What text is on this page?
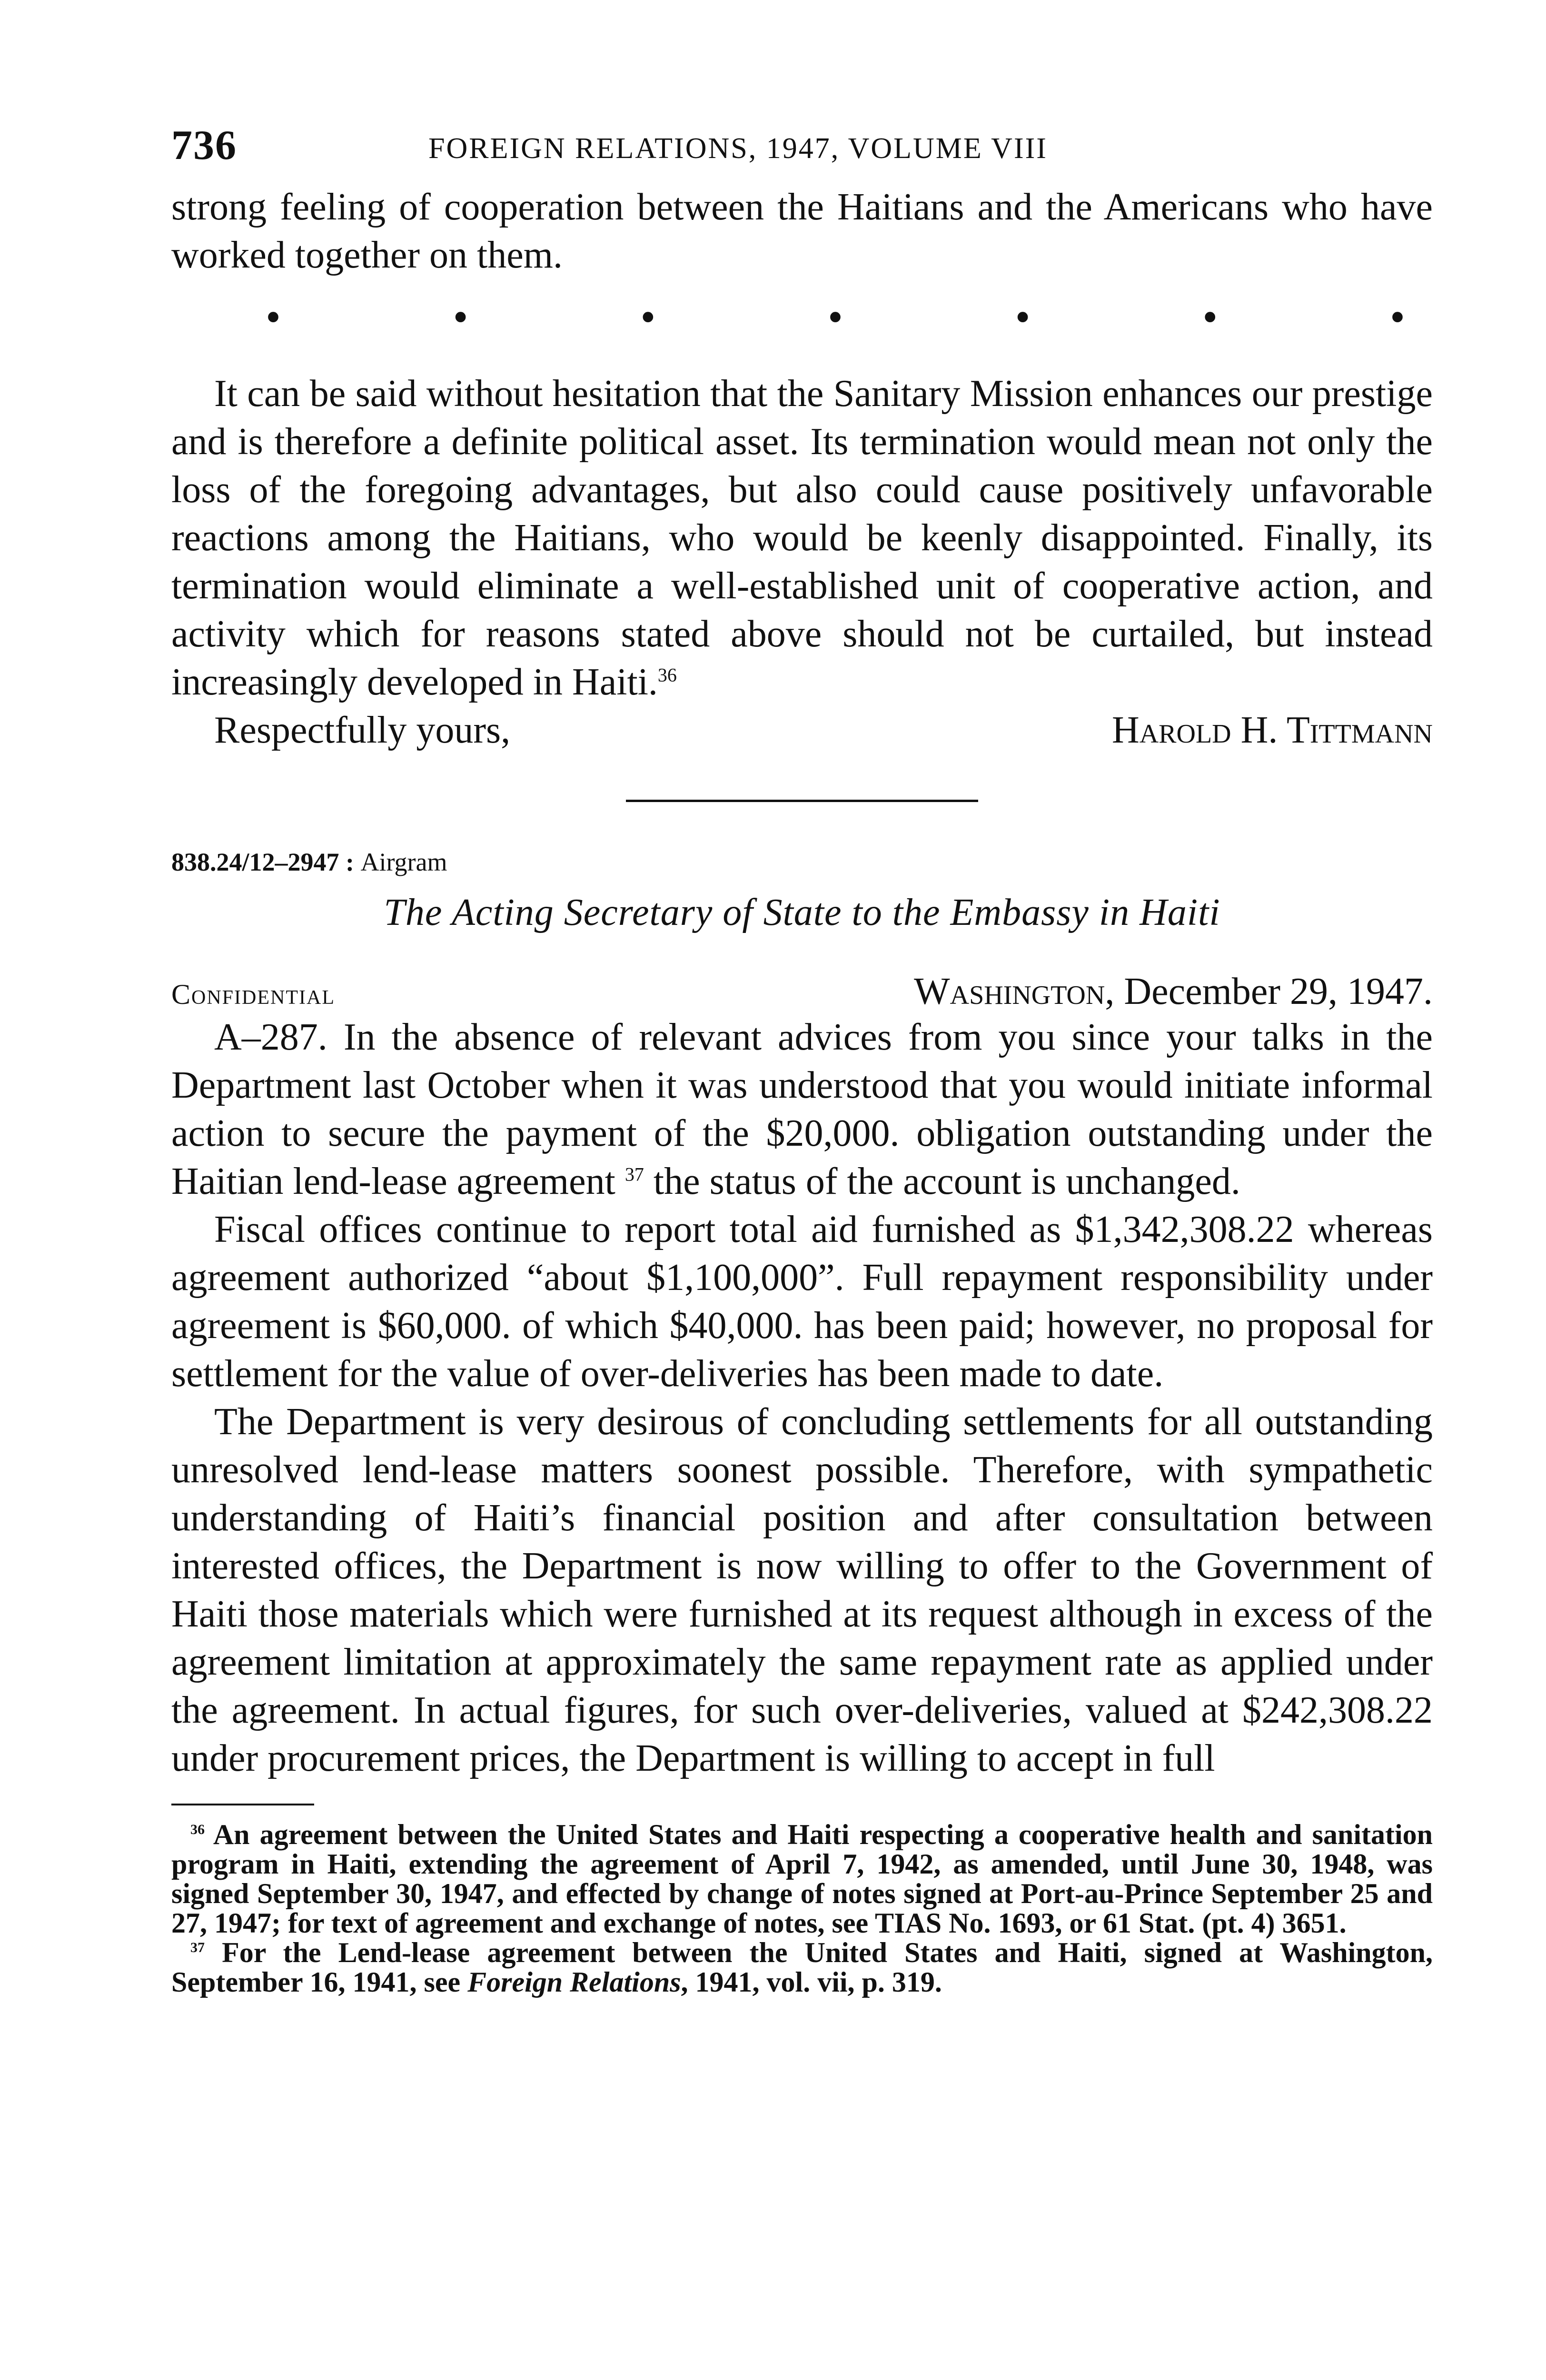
736	FOREIGN RELATIONS, 1947, VOLUME VIII

strong feeling of cooperation between the Haitians and the Americans who have worked together on them.

•	•	•	•	•	•	•

It can be said without hesitation that the Sanitary Mission enhances our prestige and is therefore a definite political asset. Its termination would mean not only the loss of the foregoing advantages, but also could cause positively unfavorable reactions among the Haitians, who would be keenly disappointed. Finally, its termination would eliminate a well-established unit of cooperative action, and activity which for reasons stated above should not be curtailed, but instead increasingly developed in Haiti.$^{36}$

Respectfully yours,	Harold H. Tittmann
838.24/12–2947 : Airgram
The Acting Secretary of State to the Embassy in Haiti
Confidential	Washington, December 29, 1947.

A–287. In the absence of relevant advices from you since your talks in the Department last October when it was understood that you would initiate informal action to secure the payment of the $20,000. obligation outstanding under the Haitian lend-lease agreement $^{37}$ the status of the account is unchanged.

Fiscal offices continue to report total aid furnished as $1,342,308.22 whereas agreement authorized “about $1,100,000”. Full repayment responsibility under agreement is $60,000. of which $40,000. has been paid; however, no proposal for settlement for the value of over-deliveries has been made to date.

The Department is very desirous of concluding settlements for all outstanding unresolved lend-lease matters soonest possible. Therefore, with sympathetic understanding of Haiti’s financial position and after consultation between interested offices, the Department is now willing to offer to the Government of Haiti those materials which were furnished at its request although in excess of the agreement limitation at approximately the same repayment rate as applied under the agreement. In actual figures, for such over-deliveries, valued at $242,308.22 under procurement prices, the Department is willing to accept in full

$^{36}$ An agreement between the United States and Haiti respecting a cooperative health and sanitation program in Haiti, extending the agreement of April 7, 1942, as amended, until June 30, 1948, was signed September 30, 1947, and effected by change of notes signed at Port-au-Prince September 25 and 27, 1947; for text of agreement and exchange of notes, see TIAS No. 1693, or 61 Stat. (pt. 4) 3651.

$^{37}$ For the Lend-lease agreement between the United States and Haiti, signed at Washington, September 16, 1941, see Foreign Relations, 1941, vol. vii, p. 319.
